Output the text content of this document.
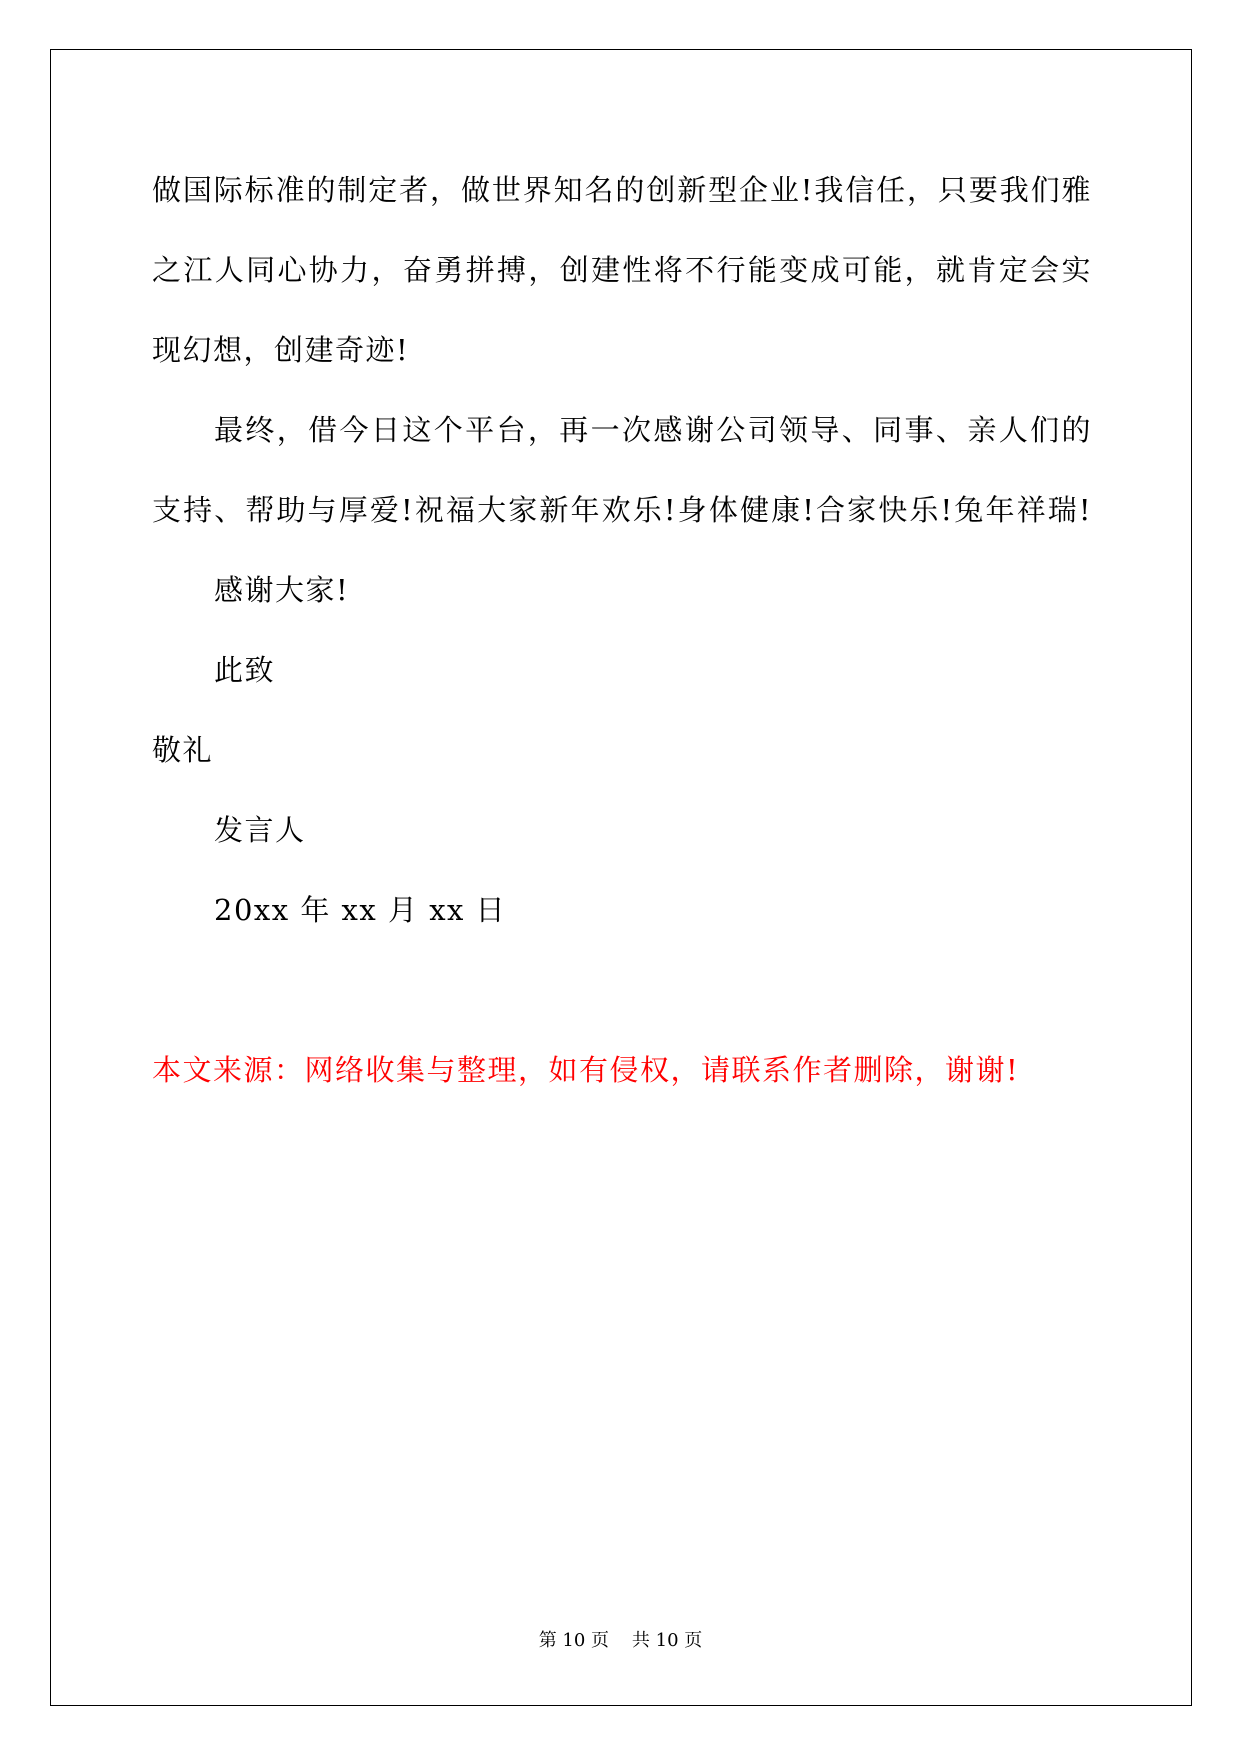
做国际标准的制定者，做世界知名的创新型企业!我信任，只要我们雅
之江人同心协力，奋勇拼搏，创建性将不行能变成可能，就肯定会实
现幻想，创建奇迹!
最终，借今日这个平台，再一次感谢公司领导、同事、亲人们的
支持、帮助与厚爱!祝福大家新年欢乐!身体健康!合家快乐!兔年祥瑞!
感谢大家!
此致
敬礼
发言人
20xx 年 xx 月 xx 日
本文来源：网络收集与整理，如有侵权，请联系作者删除，谢谢!
第 10 页    共 10 页
